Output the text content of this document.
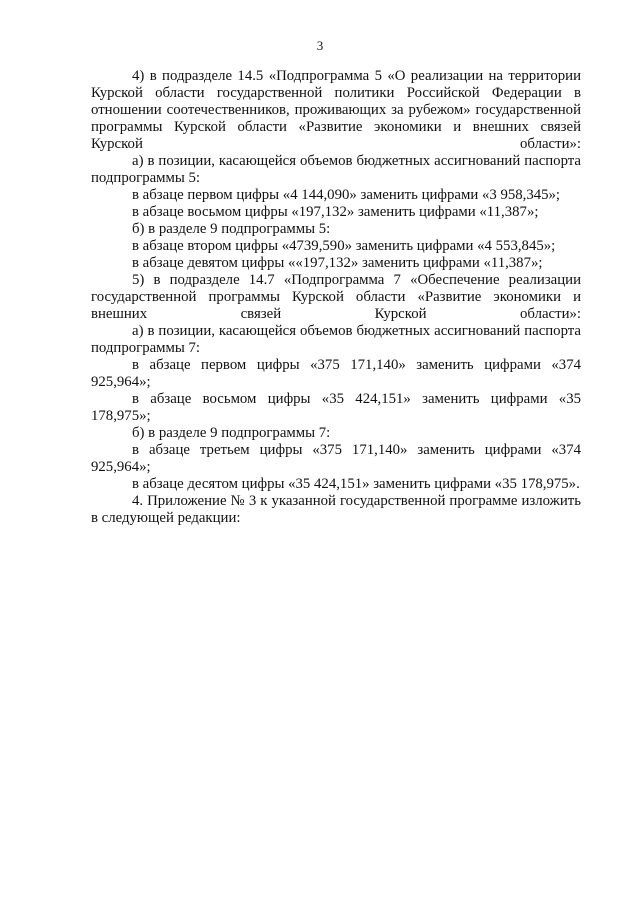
3

4) в подразделе 14.5 «Подпрограмма 5 «О реализации на территории Курской области государственной политики Российской Федерации в отношении соотечественников, проживающих за рубежом» государственной программы Курской области «Развитие экономики и внешних связей Курской области»:

а) в позиции, касающейся объемов бюджетных ассигнований паспорта подпрограммы 5:

в абзаце первом цифры «4 144,090» заменить цифрами «3 958,345»;

в абзаце восьмом цифры «197,132» заменить цифрами «11,387»;

б) в разделе 9 подпрограммы 5:

в абзаце втором цифры «4739,590» заменить цифрами «4 553,845»;

в абзаце девятом цифры ««197,132» заменить цифрами «11,387»;

5) в подразделе 14.7 «Подпрограмма 7 «Обеспечение реализации государственной программы Курской области «Развитие экономики и внешних связей Курской области»:

а) в позиции, касающейся объемов бюджетных ассигнований паспорта подпрограммы 7:

в абзаце первом цифры «375 171,140» заменить цифрами «374 925,964»;

в абзаце восьмом цифры «35 424,151» заменить цифрами «35 178,975»;

б) в разделе 9 подпрограммы 7:

в абзаце третьем цифры «375 171,140» заменить цифрами «374 925,964»;

в абзаце десятом цифры «35 424,151» заменить цифрами «35 178,975».

4. Приложение № 3 к указанной государственной программе изложить в следующей редакции:
